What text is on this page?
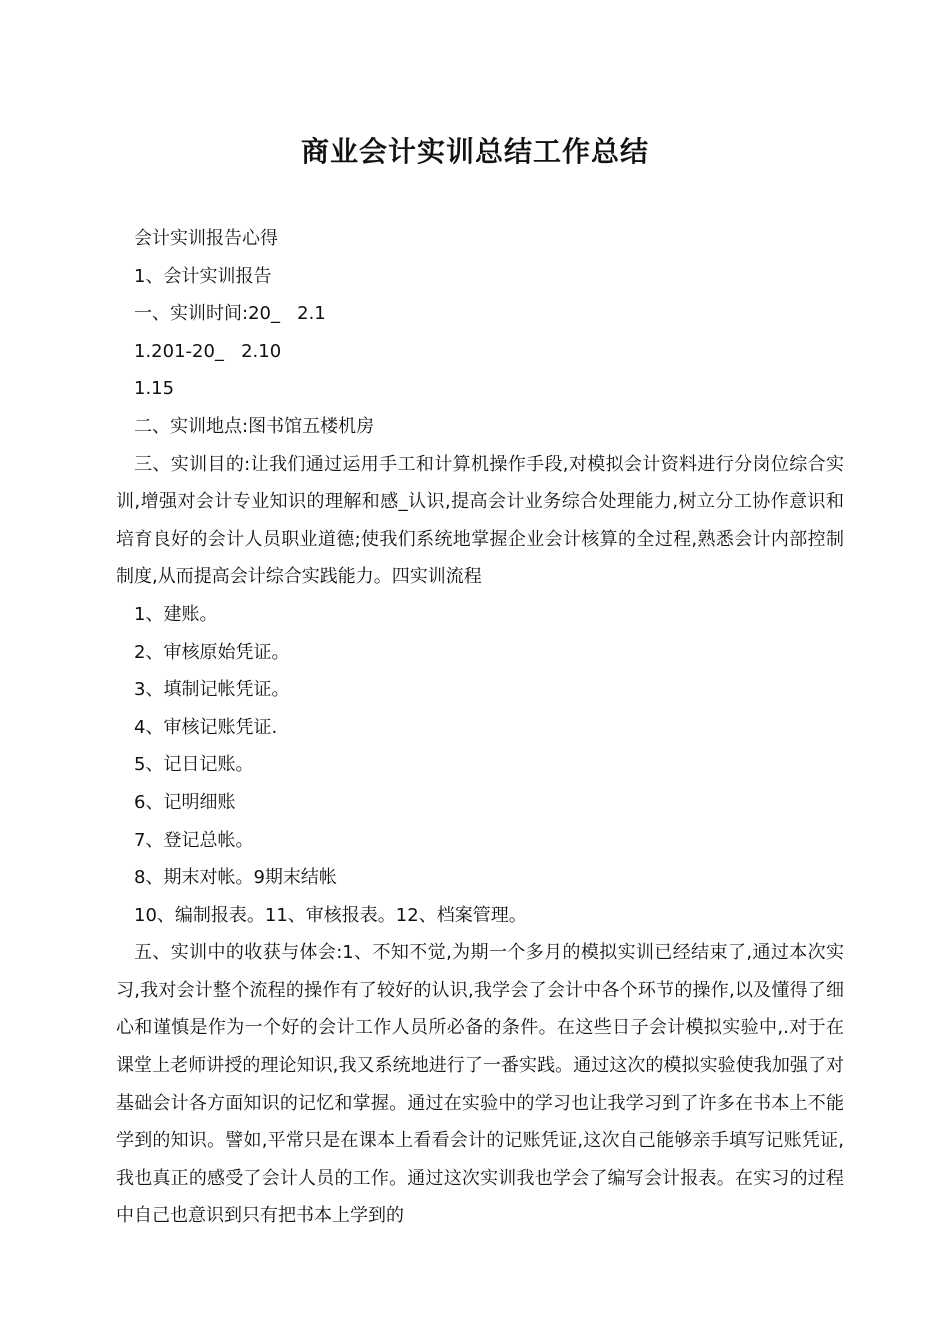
商业会计实训总结工作总结

会计实训报告心得

1、会计实训报告

一、实训时间:20_   2.1

1.201-20_   2.10

1.15

二、实训地点:图书馆五楼机房

三、实训目的:让我们通过运用手工和计算机操作手段,对模拟会计资料进行分岗位综合实训,增强对会计专业知识的理解和感_认识,提高会计业务综合处理能力,树立分工协作意识和培育良好的会计人员职业道德;使我们系统地掌握企业会计核算的全过程,熟悉会计内部控制制度,从而提高会计综合实践能力。四实训流程

1、建账。

2、审核原始凭证。

3、填制记帐凭证。

4、审核记账凭证.

5、记日记账。

6、记明细账

7、登记总帐。

8、期末对帐。9期末结帐

10、编制报表。11、审核报表。12、档案管理。

五、实训中的收获与体会:1、不知不觉,为期一个多月的模拟实训已经结束了,通过本次实习,我对会计整个流程的操作有了较好的认识,我学会了会计中各个环节的操作,以及懂得了细心和谨慎是作为一个好的会计工作人员所必备的条件。在这些日子会计模拟实验中,.对于在课堂上老师讲授的理论知识,我又系统地进行了一番实践。通过这次的模拟实验使我加强了对基础会计各方面知识的记忆和掌握。通过在实验中的学习也让我学习到了许多在书本上不能学到的知识。譬如,平常只是在课本上看看会计的记账凭证,这次自己能够亲手填写记账凭证,我也真正的感受了会计人员的工作。通过这次实训我也学会了编写会计报表。在实习的过程中自己也意识到只有把书本上学到的
